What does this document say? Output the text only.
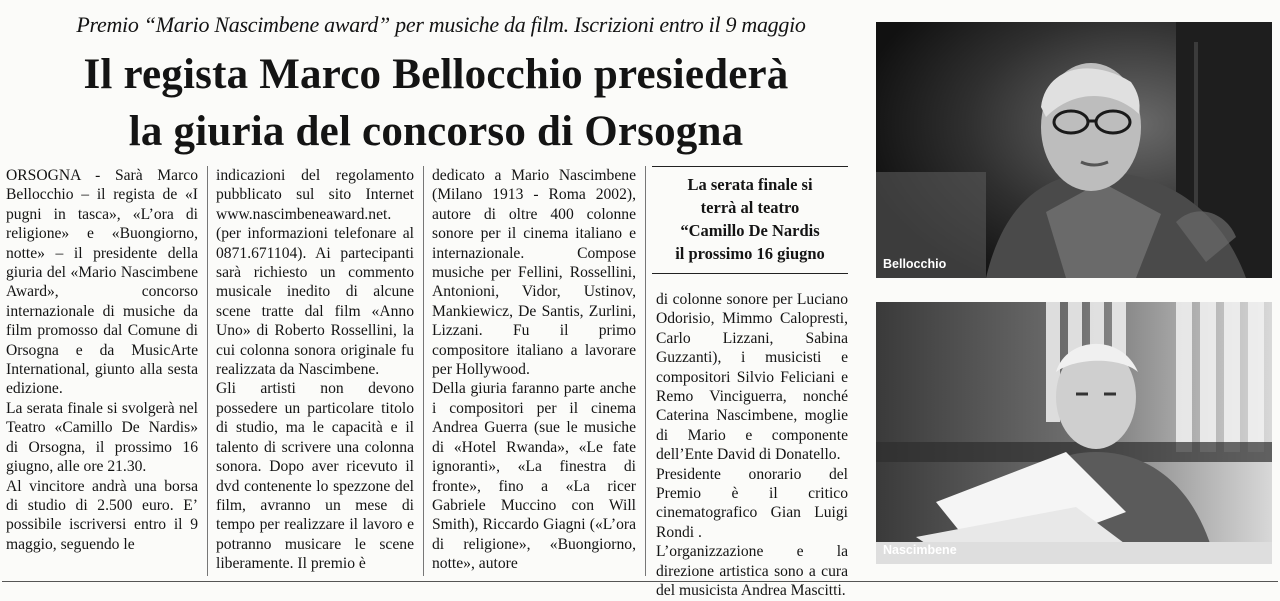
Premio “Mario Nascimbene award” per musiche da film. Iscrizioni entro il 9 maggio
Il regista Marco Bellocchio presiederà
la giuria del concorso di Orsogna

ORSOGNA - Sarà Marco Bellocchio – il regista de «I pugni in tasca», «L’ora di religione» e «Buongiorno, notte» – il presidente della giuria del «Mario Nascimbene Award», concorso internazionale di musiche da film promosso dal Comune di Orsogna e da MusicArte International, giunto alla sesta edizione.

La serata finale si svolgerà nel Teatro «Camillo De Nardis» di Orsogna, il prossimo 16 giugno, alle ore 21.30.

Al vincitore andrà una borsa di studio di 2.500 euro. E’ possibile iscriversi entro il 9 maggio, seguendo le

indicazioni del regolamento pubblicato sul sito Internet www.nascimbeneaward.net. (per informazioni telefonare al 0871.671104). Ai partecipanti sarà richiesto un commento musicale inedito di alcune scene tratte dal film «Anno Uno» di Roberto Rossellini, la cui colonna sonora originale fu realizzata da Nascimbene.

Gli artisti non devono possedere un particolare titolo di studio, ma le capacità e il talento di scrivere una colonna sonora. Dopo aver ricevuto il dvd contenente lo spezzone del film, avranno un mese di tempo per realizzare il lavoro e potranno musicare le scene liberamente. Il premio è

dedicato a Mario Nascimbene (Milano 1913 - Roma 2002), autore di oltre 400 colonne sonore per il cinema italiano e internazionale. Compose musiche per Fellini, Rossellini, Antonioni, Vidor, Ustinov, Mankiewicz, De Santis, Zurlini, Lizzani. Fu il primo compositore italiano a lavorare per Hollywood.

Della giuria faranno parte anche i compositori per il cinema Andrea Guerra (sue le musiche di «Hotel Rwanda», «Le fate ignoranti», «La finestra di fronte», fino a «La ricer Gabriele Muccino con Will Smith), Riccardo Giagni («L’ora di religione», «Buongiorno, notte», autore

La serata finale si
terrà al teatro
“Camillo De Nardis
il prossimo 16 giugno

di colonne sonore per Luciano Odorisio, Mimmo Calopresti, Carlo Lizzani, Sabina Guzzanti), i musicisti e compositori Silvio Feliciani e Remo Vinciguerra, nonché Caterina Nascimbene, moglie di Mario e componente dell’Ente David di Donatello.

Presidente onorario del Premio è il critico cinematografico Gian Luigi Rondi .

L’organizzazione e la direzione artistica sono a cura del musicista Andrea Mascitti.

Bellocchio
Nascimbene
